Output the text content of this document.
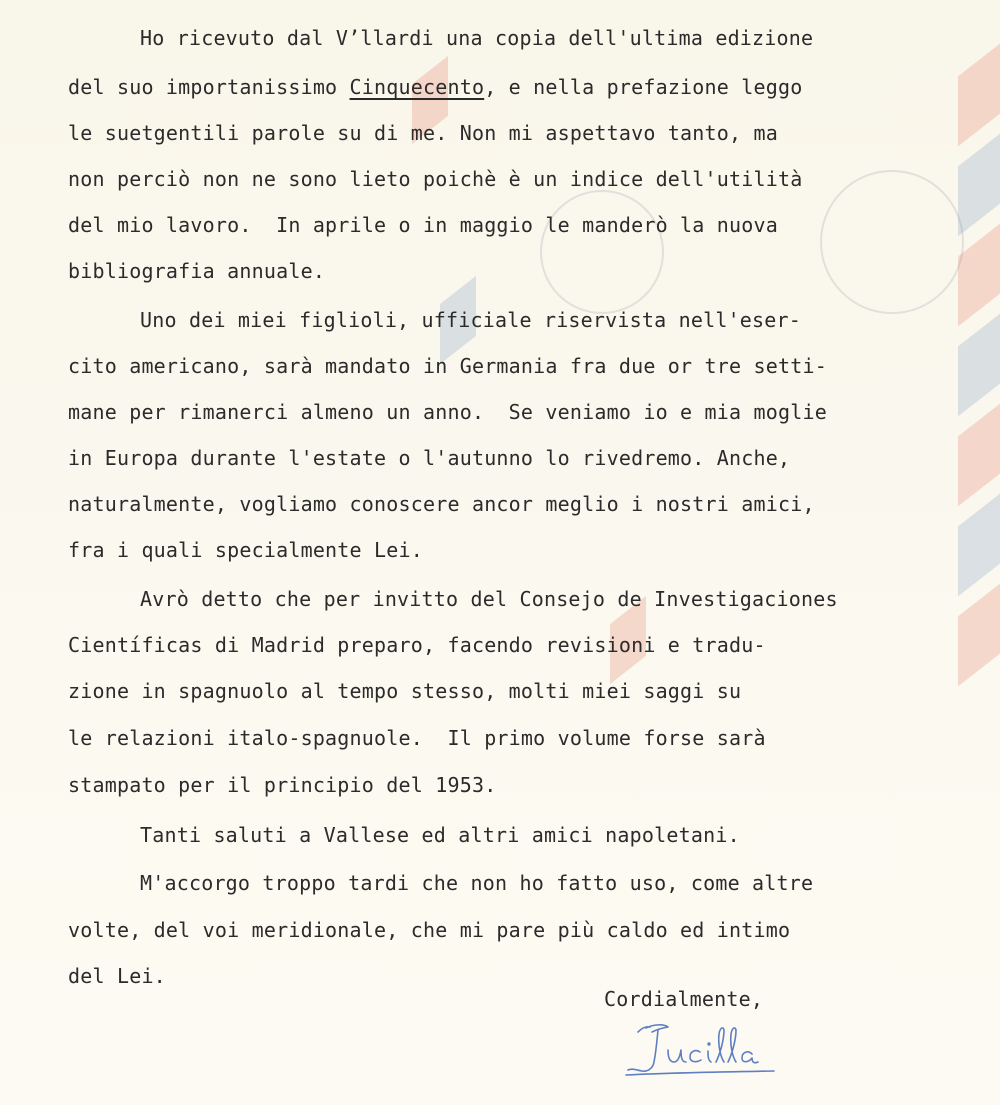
Ho ricevuto dal V’llardi una copia dell'ultima edizione
del suo importanissimo Cinquecento, e nella prefazione leggo
le suetgentili parole su di me. Non mi aspettavo tanto, ma
non perciò non ne sono lieto poichè è un indice dell'utilità
del mio lavoro.  In aprile o in maggio le manderò la nuova
bibliografia annuale.
Uno dei miei figlioli, ufficiale riservista nell'eser-
cito americano, sarà mandato in Germania fra due or tre setti-
mane per rimanerci almeno un anno.  Se veniamo io e mia moglie
in Europa durante l'estate o l'autunno lo rivedremo. Anche,
naturalmente, vogliamo conoscere ancor meglio i nostri amici,
fra i quali specialmente Lei.
Avrò detto che per invitto del Consejo de Investigaciones
Científicas di Madrid preparo, facendo revisioni e tradu-
zione in spagnuolo al tempo stesso, molti miei saggi su
le relazioni italo-spagnuole.  Il primo volume forse sarà
stampato per il principio del 1953.
Tanti saluti a Vallese ed altri amici napoletani.
M'accorgo troppo tardi che non ho fatto uso, come altre
volte, del voi meridionale, che mi pare più caldo ed intimo
del Lei.
Cordialmente,
